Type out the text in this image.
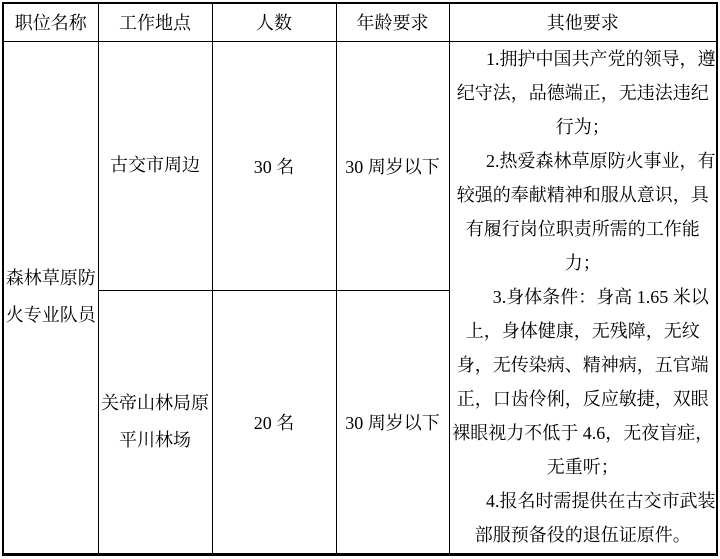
职位名称	工作地点	人数	年龄要求	其他要求
森林草原防火专业队员	古交市周边	30 名	30 周岁以下	1.拥护中国共产党的领导，遵纪守法，品德端正，无违法违纪行为；

2.热爱森林草原防火事业，有较强的奉献精神和服从意识，具有履行岗位职责所需的工作能力；

3.身体条件：身高 1.65 米以上，身体健康，无残障，无纹身，无传染病、精神病，五官端正，口齿伶俐，反应敏捷，双眼裸眼视力不低于 4.6，无夜盲症，无重听；

4.报名时需提供在古交市武装部服预备役的退伍证原件。

	关帝山林局原平川林场	20 名	30 周岁以下	
